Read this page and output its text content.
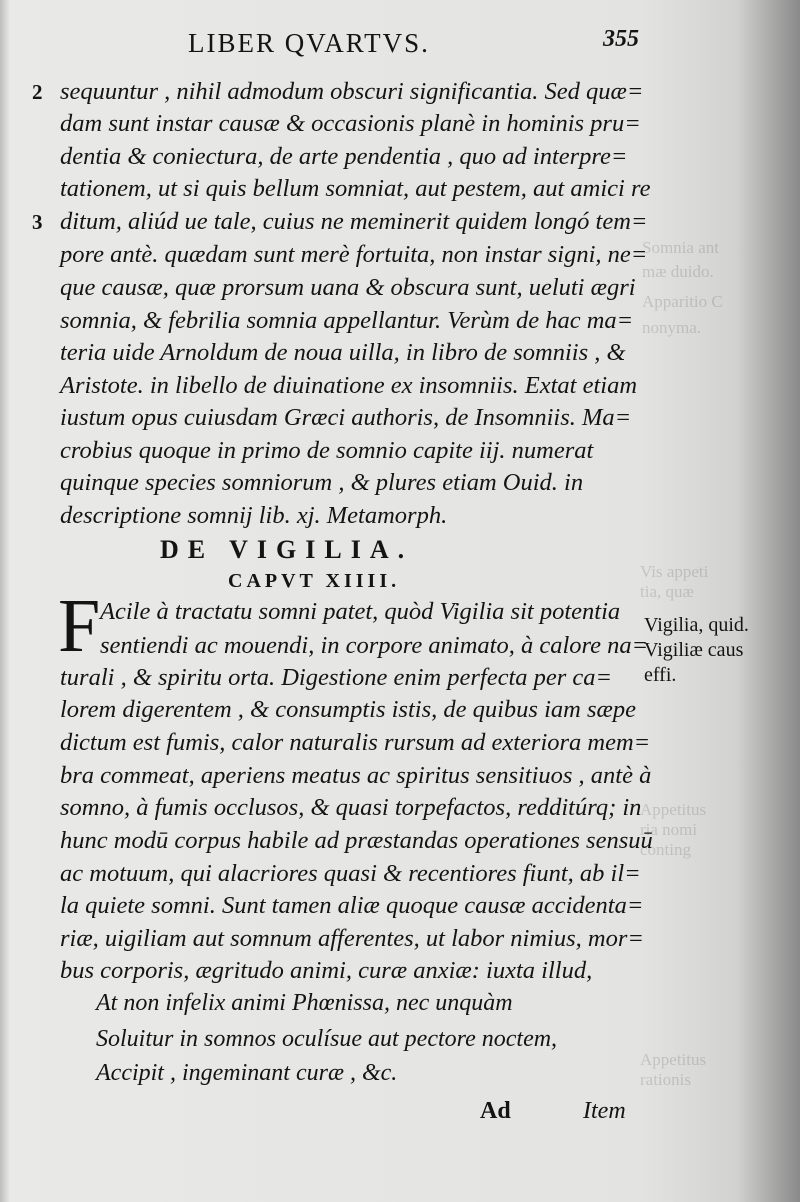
Somnia ant
mæ duido.
Apparitio C
nonyma.
Vis appeti
tia, quæ
Appetitus
ria nomi
conting
Appetitus
rationis
LIBER QVARTVS.	355
2
3
sequuntur , nihil admodum obscuri significantia. Sed quæ=
dam sunt instar causæ & occasionis planè in hominis pru=
dentia & coniectura, de arte pendentia , quo ad interpre=
tationem, ut si quis bellum somniat, aut pestem, aut amici re
ditum, aliúd ue tale, cuius ne meminerit quidem longó tem=
pore antè. quædam sunt merè fortuita, non instar signi, ne=
que causæ, quæ prorsum uana & obscura sunt, ueluti ægri
somnia, & febrilia somnia appellantur. Verùm de hac ma=
teria uide Arnoldum de noua uilla, in libro de somniis , &
Aristote. in libello de diuinatione ex insomniis. Extat etiam
iustum opus cuiusdam Græci authoris, de Insomniis. Ma=
crobius quoque in primo de somnio capite iij. numerat
quinque species somniorum , & plures etiam Ouid. in
descriptione somnij lib. xj. Metamorph.
DE VIGILIA.
CAPVT XIIII.
F Acile à tractatu somni patet, quòd Vigilia sit potentia
sentiendi ac mouendi, in corpore animato, à calore na=
turali , & spiritu orta. Digestione enim perfecta per ca=
lorem digerentem , & consumptis istis, de quibus iam sæpe
dictum est fumis, calor naturalis rursum ad exteriora mem=
bra commeat, aperiens meatus ac spiritus sensitiuos , antè à
somno, à fumis occlusos, & quasi torpefactos, redditúrq; in
hunc modū corpus habile ad præstandas operationes sensuū
ac motuum, qui alacriores quasi & recentiores fiunt, ab il=
la quiete somni. Sunt tamen aliæ quoque causæ accidenta=
riæ, uigiliam aut somnum afferentes, ut labor nimius, mor=
bus corporis, ægritudo animi, curæ anxiæ: iuxta illud,
Vigilia, quid.
Vigiliæ caus
effi.
At non infelix animi Phœnissa, nec unquàm
Soluitur in somnos oculísue aut pectore noctem,
Accipit , ingeminant curæ , &c.
Ad	Item
